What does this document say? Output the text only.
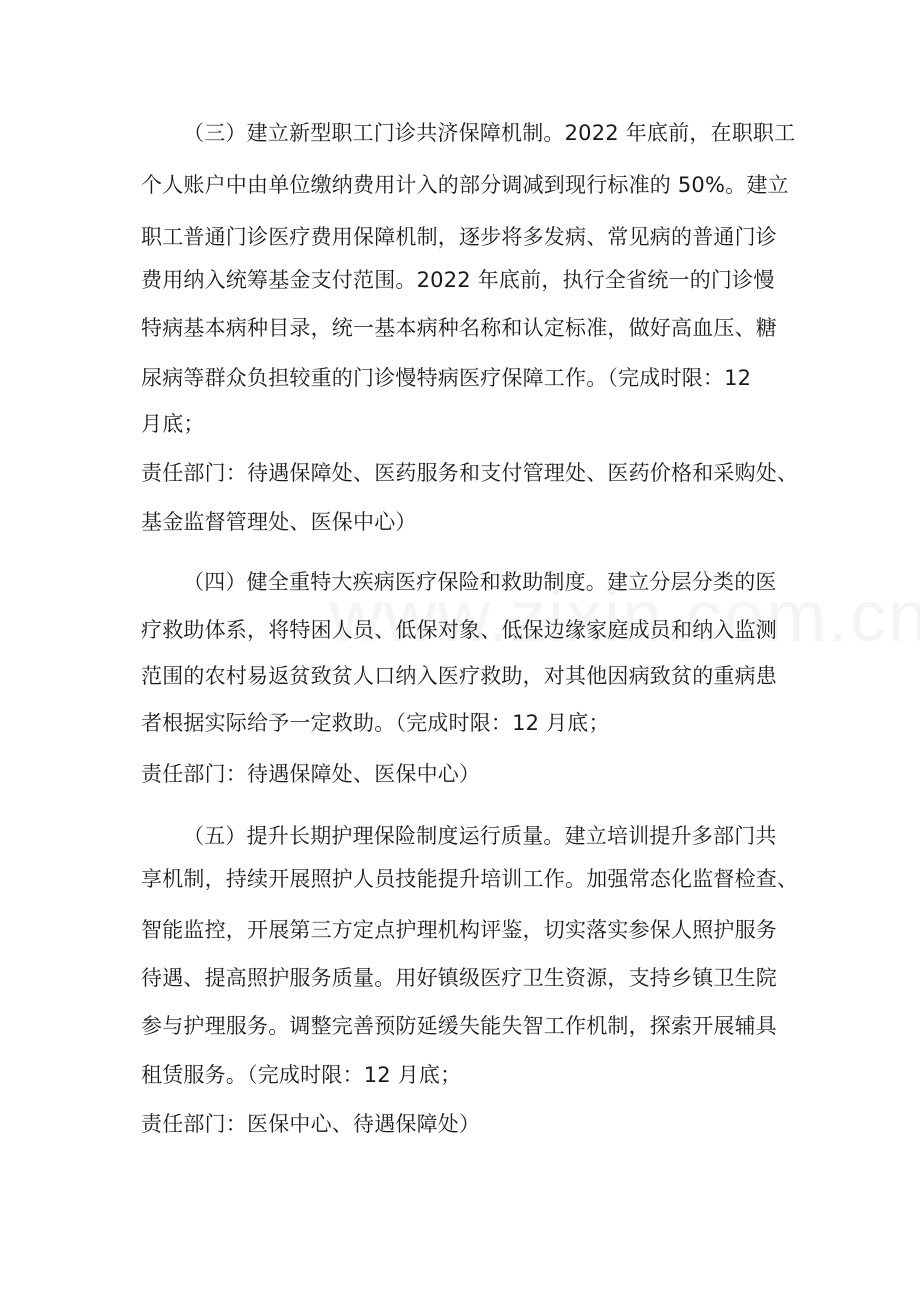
（三）建立新型职工门诊共济保障机制。2022 年底前，在职职工
个人账户中由单位缴纳费用计入的部分调减到现行标准的 50%。建立
职工普通门诊医疗费用保障机制，逐步将多发病、常见病的普通门诊
费用纳入统筹基金支付范围。2022 年底前，执行全省统一的门诊慢
特病基本病种目录，统一基本病种名称和认定标准，做好高血压、糖
尿病等群众负担较重的门诊慢特病医疗保障工作。（完成时限：12
月底；
责任部门：待遇保障处、医药服务和支付管理处、医药价格和采购处、
基金监督管理处、医保中心）
（四）健全重特大疾病医疗保险和救助制度。建立分层分类的医
疗救助体系，将特困人员、低保对象、低保边缘家庭成员和纳入监测
范围的农村易返贫致贫人口纳入医疗救助，对其他因病致贫的重病患
者根据实际给予一定救助。（完成时限：12 月底；
责任部门：待遇保障处、医保中心）
（五）提升长期护理保险制度运行质量。建立培训提升多部门共
享机制，持续开展照护人员技能提升培训工作。加强常态化监督检查、
智能监控，开展第三方定点护理机构评鉴，切实落实参保人照护服务
待遇、提高照护服务质量。用好镇级医疗卫生资源，支持乡镇卫生院
参与护理服务。调整完善预防延缓失能失智工作机制，探索开展辅具
租赁服务。（完成时限：12 月底；
责任部门：医保中心、待遇保障处）
